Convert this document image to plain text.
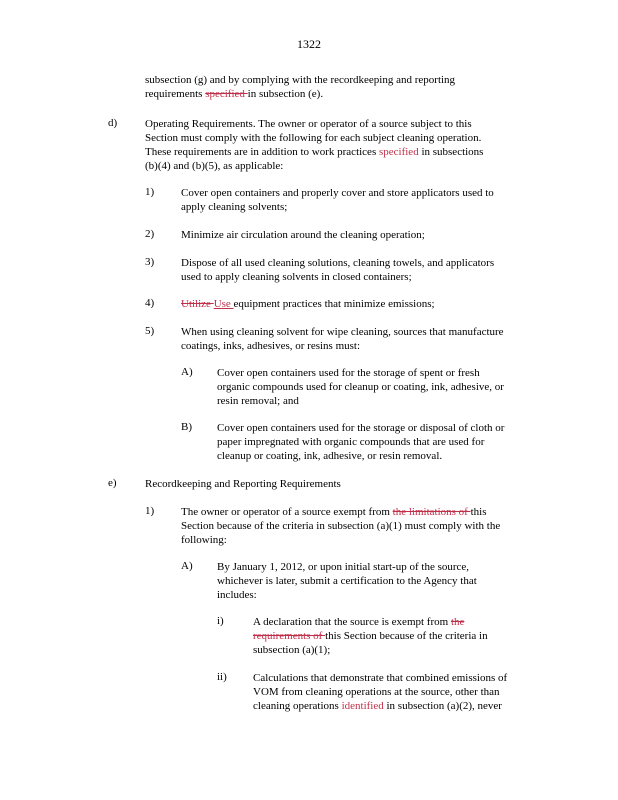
1322
subsection (g) and by complying with the recordkeeping and reporting
requirements specified in subsection (e).
d)	Operating Requirements. The owner or operator of a source subject to this
Section must comply with the following for each subject cleaning operation.
These requirements are in addition to work practices specified in subsections
(b)(4) and (b)(5), as applicable:
1) Cover open containers and properly cover and store applicators used to
apply cleaning solvents;
2) Minimize air circulation around the cleaning operation;
3) Dispose of all used cleaning solutions, cleaning towels, and applicators
used to apply cleaning solvents in closed containers;
4) Utilize Use equipment practices that minimize emissions;
5) When using cleaning solvent for wipe cleaning, sources that manufacture
coatings, inks, adhesives, or resins must:
A) Cover open containers used for the storage of spent or fresh
organic compounds used for cleanup or coating, ink, adhesive, or
resin removal; and
B) Cover open containers used for the storage or disposal of cloth or
paper impregnated with organic compounds that are used for
cleanup or coating, ink, adhesive, or resin removal.
e)	Recordkeeping and Reporting Requirements
1) The owner or operator of a source exempt from the limitations of this
Section because of the criteria in subsection (a)(1) must comply with the
following:
A) By January 1, 2012, or upon initial start-up of the source,
whichever is later, submit a certification to the Agency that
includes:
i)	A declaration that the source is exempt from the
requirements of this Section because of the criteria in
subsection (a)(1);
ii) Calculations that demonstrate that combined emissions of
VOM from cleaning operations at the source, other than
cleaning operations identified in subsection (a)(2), never
